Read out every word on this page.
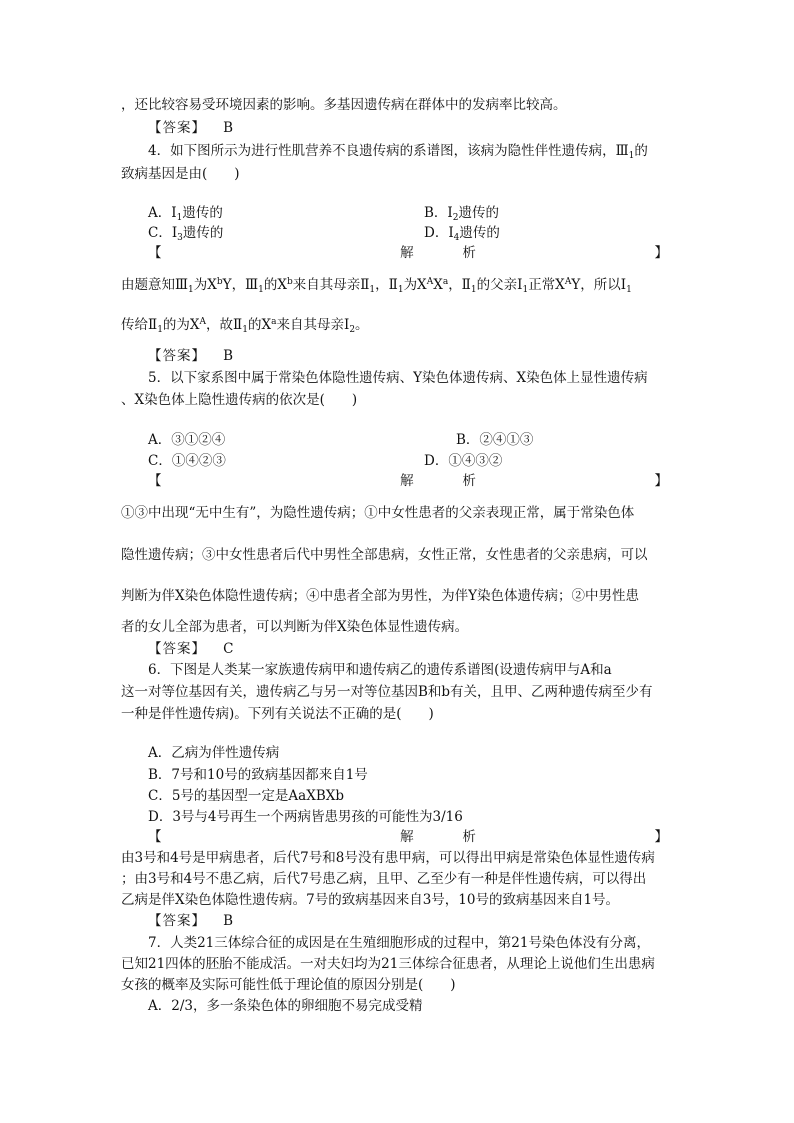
，还比较容易受环境因素的影响。多基因遗传病在群体中的发病率比较高。
【答案】 B
4．如下图所示为进行性肌营养不良遗传病的系谱图，该病为隐性伴性遗传病，$Ⅲ_1$的
致病基因是由(　　)
A．$Ⅰ_1$遗传的	B．$Ⅰ_2$遗传的
C．$Ⅰ_3$遗传的	D．$Ⅰ_4$遗传的
【	解	析	】
由题意知$Ⅲ_1$为$X^bY$，$Ⅲ_1$的$X^b$来自其母亲$Ⅱ_1$，$Ⅱ_1$为$X^AX^a$，$Ⅱ_1$的父亲$Ⅰ_1$正常$X^AY$，所以$Ⅰ_1$
传给$Ⅱ_1$的为$X^A$，故$Ⅱ_1$的$X^a$来自其母亲$Ⅰ_2$。
【答案】 B
5．以下家系图中属于常染色体隐性遗传病、Y染色体遗传病、X染色体上显性遗传病
、X染色体上隐性遗传病的依次是(　　)
A．③①②④	B．②④①③
C．①④②③	D．①④③②
【	解	析	】
①③中出现“无中生有”，为隐性遗传病；①中女性患者的父亲表现正常，属于常染色体
隐性遗传病；③中女性患者后代中男性全部患病，女性正常，女性患者的父亲患病，可以
判断为伴X染色体隐性遗传病；④中患者全部为男性，为伴Y染色体遗传病；②中男性患
者的女儿全部为患者，可以判断为伴X染色体显性遗传病。
【答案】 C
6．下图是人类某一家族遗传病甲和遗传病乙的遗传系谱图(设遗传病甲与A和a
这一对等位基因有关，遗传病乙与另一对等位基因B和b有关，且甲、乙两种遗传病至少有
一种是伴性遗传病)。下列有关说法不正确的是(　　)
A．乙病为伴性遗传病
B．7号和10号的致病基因都来自1号
C．5号的基因型一定是AaXBXb
D．3号与4号再生一个两病皆患男孩的可能性为3/16
【	解	析	】
由3号和4号是甲病患者，后代7号和8号没有患甲病，可以得出甲病是常染色体显性遗传病
；由3号和4号不患乙病，后代7号患乙病，且甲、乙至少有一种是伴性遗传病，可以得出
乙病是伴X染色体隐性遗传病。7号的致病基因来自3号，10号的致病基因来自1号。
【答案】 B
7．人类21三体综合征的成因是在生殖细胞形成的过程中，第21号染色体没有分离，
已知21四体的胚胎不能成活。一对夫妇均为21三体综合征患者，从理论上说他们生出患病
女孩的概率及实际可能性低于理论值的原因分别是(　　)
A．2/3，多一条染色体的卵细胞不易完成受精
